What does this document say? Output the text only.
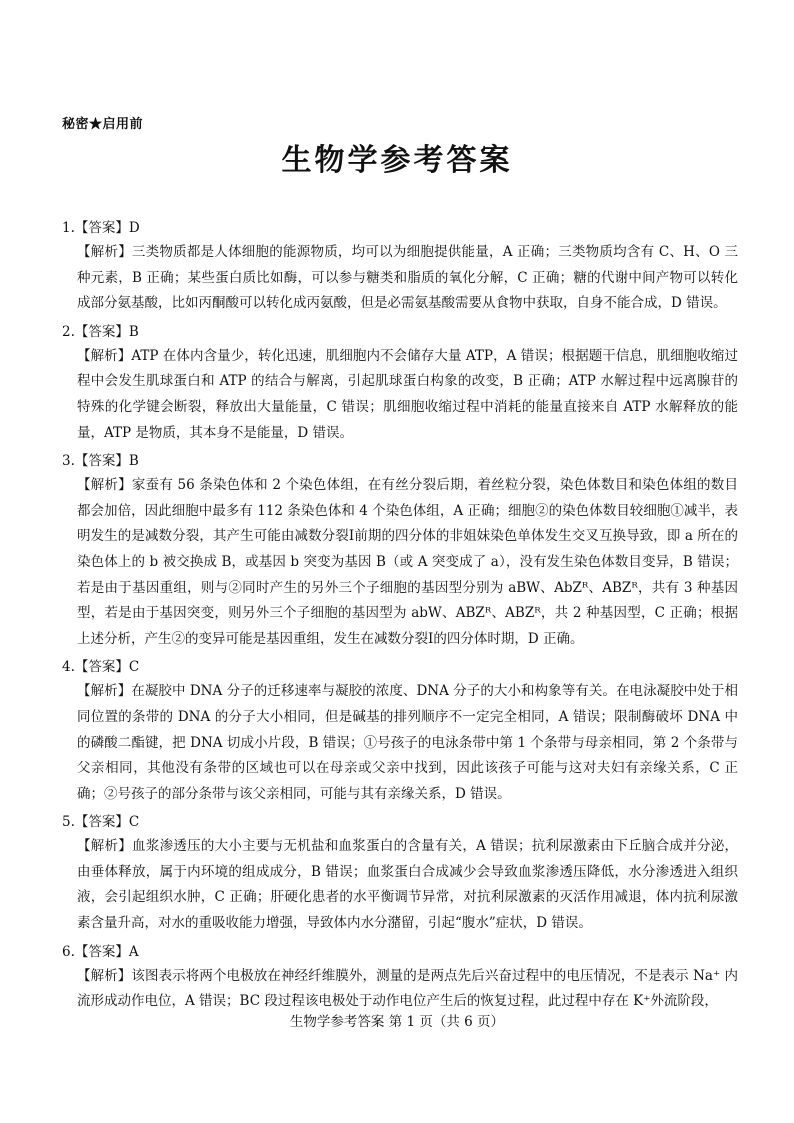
秘密★启用前
生物学参考答案
1.【答案】D
【解析】三类物质都是人体细胞的能源物质，均可以为细胞提供能量，A 正确；三类物质均含有 C、H、O 三种元素，B 正确；某些蛋白质比如酶，可以参与糖类和脂质的氧化分解，C 正确；糖的代谢中间产物可以转化成部分氨基酸，比如丙酮酸可以转化成丙氨酸，但是必需氨基酸需要从食物中获取，自身不能合成，D 错误。
2.【答案】B
【解析】ATP 在体内含量少，转化迅速，肌细胞内不会储存大量 ATP，A 错误；根据题干信息，肌细胞收缩过程中会发生肌球蛋白和 ATP 的结合与解离，引起肌球蛋白构象的改变，B 正确；ATP 水解过程中远离腺苷的特殊的化学键会断裂，释放出大量能量，C 错误；肌细胞收缩过程中消耗的能量直接来自 ATP 水解释放的能量，ATP 是物质，其本身不是能量，D 错误。
3.【答案】B
【解析】家蚕有 56 条染色体和 2 个染色体组，在有丝分裂后期，着丝粒分裂，染色体数目和染色体组的数目都会加倍，因此细胞中最多有 112 条染色体和 4 个染色体组，A 正确；细胞②的染色体数目较细胞①减半，表明发生的是减数分裂，其产生可能由减数分裂Ⅰ前期的四分体的非姐妹染色单体发生交叉互换导致，即 a 所在的染色体上的 b 被交换成 B，或基因 b 突变为基因 B（或 A 突变成了 a），没有发生染色体数目变异，B 错误；若是由于基因重组，则与②同时产生的另外三个子细胞的基因型分别为 aBW、AbZᴿ、ABZᴿ，共有 3 种基因型，若是由于基因突变，则另外三个子细胞的基因型为 abW、ABZᴿ、ABZᴿ，共 2 种基因型，C 正确；根据上述分析，产生②的变异可能是基因重组，发生在减数分裂Ⅰ的四分体时期，D 正确。
4.【答案】C
【解析】在凝胶中 DNA 分子的迁移速率与凝胶的浓度、DNA 分子的大小和构象等有关。在电泳凝胶中处于相同位置的条带的 DNA 的分子大小相同，但是碱基的排列顺序不一定完全相同，A 错误；限制酶破坏 DNA 中的磷酸二酯键，把 DNA 切成小片段，B 错误；①号孩子的电泳条带中第 1 个条带与母亲相同，第 2 个条带与父亲相同，其他没有条带的区域也可以在母亲或父亲中找到，因此该孩子可能与这对夫妇有亲缘关系，C 正确；②号孩子的部分条带与该父亲相同，可能与其有亲缘关系，D 错误。
5.【答案】C
【解析】血浆渗透压的大小主要与无机盐和血浆蛋白的含量有关，A 错误；抗利尿激素由下丘脑合成并分泌，由垂体释放，属于内环境的组成成分，B 错误；血浆蛋白合成减少会导致血浆渗透压降低，水分渗透进入组织液，会引起组织水肿，C 正确；肝硬化患者的水平衡调节异常，对抗利尿激素的灭活作用减退，体内抗利尿激素含量升高，对水的重吸收能力增强，导致体内水分潴留，引起“腹水”症状，D 错误。
6.【答案】A
【解析】该图表示将两个电极放在神经纤维膜外，测量的是两点先后兴奋过程中的电压情况，不是表示 Na⁺ 内流形成动作电位，A 错误；BC 段过程该电极处于动作电位产生后的恢复过程，此过程中存在 K⁺外流阶段，
生物学参考答案 第 1 页（共 6 页）
